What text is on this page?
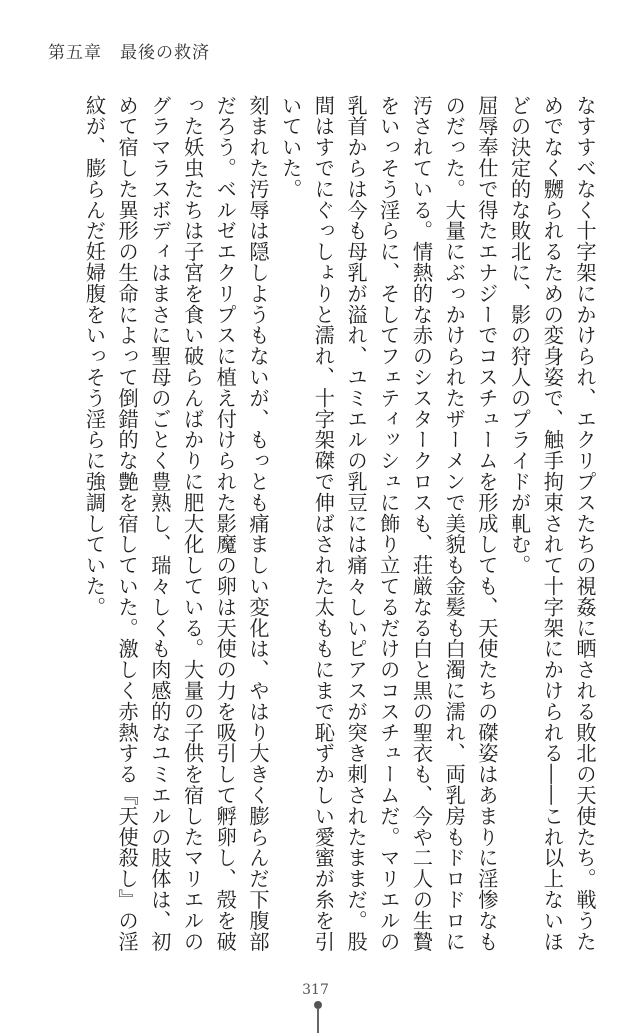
第五章　最後の救済

なすすべなく十字架にかけられ、エクリプスたちの視姦に晒される敗北の天使たち。戦うためでなく嬲られるための変身姿で、触手拘束されて十字架にかけられる――これ以上ないほどの決定的な敗北に、影の狩人のプライドが軋む。

屈辱奉仕で得たエナジーでコスチュームを形成しても、天使たちの磔姿はあまりに淫惨なものだった。大量にぶっかけられたザーメンで美貌も金髪も白濁に濡れ、両乳房もドロドロに汚されている。情熱的な赤のシスタークロスも、荘厳なる白と黒の聖衣も、今や二人の生贄をいっそう淫らに、そしてフェティッシュに飾り立てるだけのコスチュームだ。マリエルの乳首からは今も母乳が溢れ、ユミエルの乳豆には痛々しいピアスが突き刺されたままだ。股間はすでにぐっしょりと濡れ、十字架磔で伸ばされた太ももにまで恥ずかしい愛蜜が糸を引いていた。

刻まれた汚辱は隠しようもないが、もっとも痛ましい変化は、やはり大きく膨らんだ下腹部だろう。ベルゼエクリプスに植え付けられた影魔の卵は天使の力を吸引して孵卵し、殻を破った妖虫たちは子宮を食い破らんばかりに肥大化している。大量の子供を宿したマリエルのグラマラスボディはまさに聖母のごとく豊熟し、瑞々しくも肉感的なユミエルの肢体は、初めて宿した異形の生命によって倒錯的な艶を宿していた。激しく赤熱する『天使殺し』の淫紋が、膨らんだ妊婦腹をいっそう淫らに強調していた。

317
